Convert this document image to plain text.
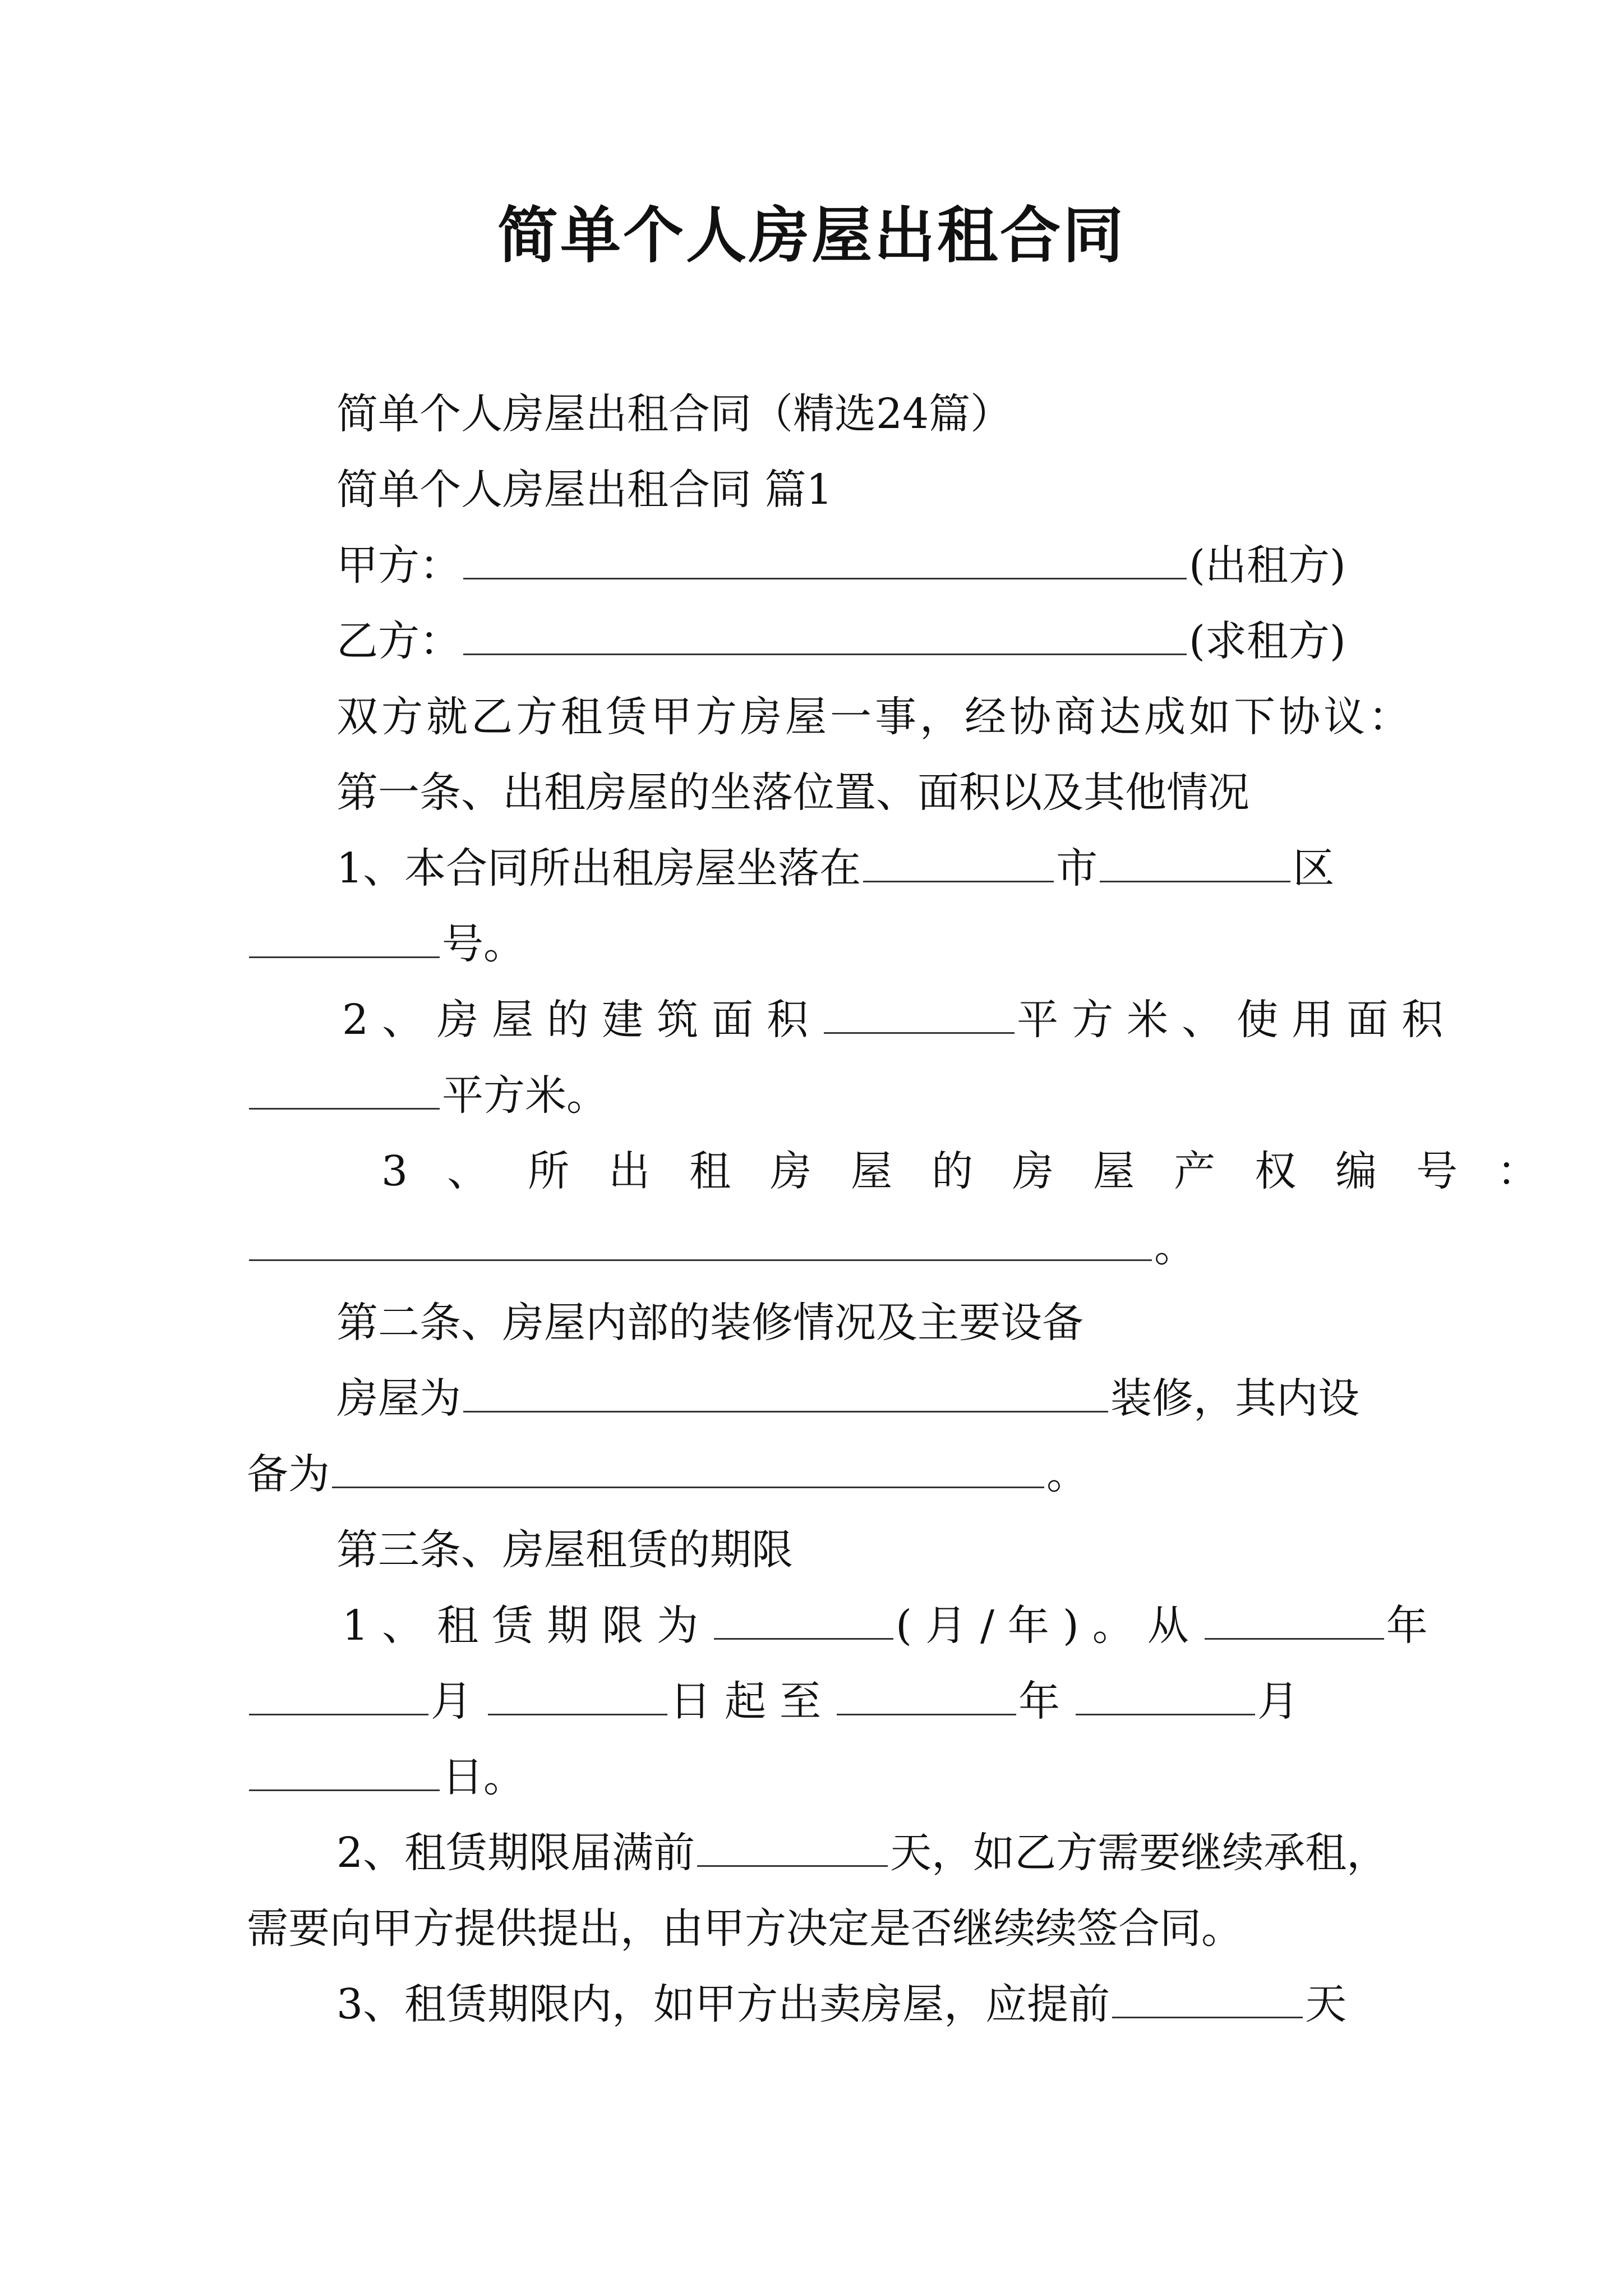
简单个人房屋出租合同
简单个人房屋出租合同（精选24篇）
简单个人房屋出租合同 篇1
甲方：	(出租方)
乙方：	(求租方)
双方就乙方租赁甲方房屋一事，经协商达成如下协议：
第一条、出租房屋的坐落位置、面积以及其他情况
1、本合同所出租房屋坐落在	市	区
号。
2、房屋的建筑面积	平方米、使用面积
平方米。
3、所出租房屋的房屋产权编号：
。
第二条、房屋内部的装修情况及主要设备
房屋为	装修，其内设
备为	。
第三条、房屋租赁的期限
1、租赁期限为	(月/年)。从	年
月	日起至	年	月
日。
2、租赁期限届满前	天，如乙方需要继续承租，
需要向甲方提供提出，由甲方决定是否继续续签合同。
3、租赁期限内，如甲方出卖房屋，应提前	天
